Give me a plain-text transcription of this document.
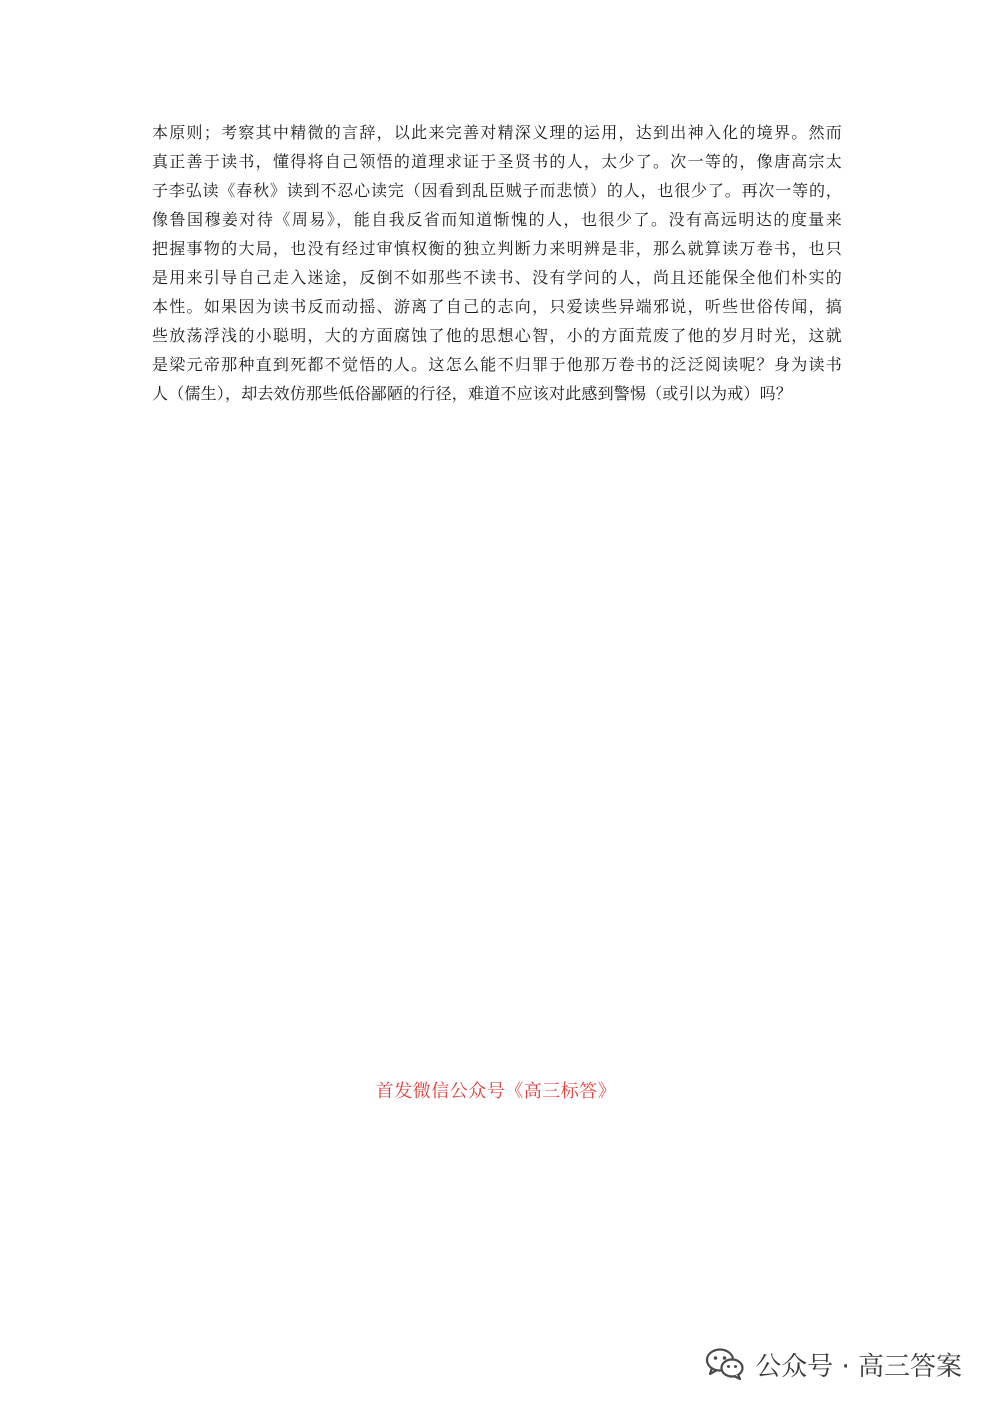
本原则；考察其中精微的言辞，以此来完善对精深义理的运用，达到出神入化的境界。然而
真正善于读书，懂得将自己领悟的道理求证于圣贤书的人，太少了。次一等的，像唐高宗太
子李弘读《春秋》读到不忍心读完（因看到乱臣贼子而悲愤）的人，也很少了。再次一等的，
像鲁国穆姜对待《周易》，能自我反省而知道惭愧的人，也很少了。没有高远明达的度量来
把握事物的大局，也没有经过审慎权衡的独立判断力来明辨是非，那么就算读万卷书，也只
是用来引导自己走入迷途，反倒不如那些不读书、没有学问的人，尚且还能保全他们朴实的
本性。如果因为读书反而动摇、游离了自己的志向，只爱读些异端邪说，听些世俗传闻，搞
些放荡浮浅的小聪明，大的方面腐蚀了他的思想心智，小的方面荒废了他的岁月时光，这就
是梁元帝那种直到死都不觉悟的人。这怎么能不归罪于他那万卷书的泛泛阅读呢？身为读书
人（儒生），却去效仿那些低俗鄙陋的行径，难道不应该对此感到警惕（或引以为戒）吗？
首发微信公众号《高三标答》
公众号 · 高三答案
